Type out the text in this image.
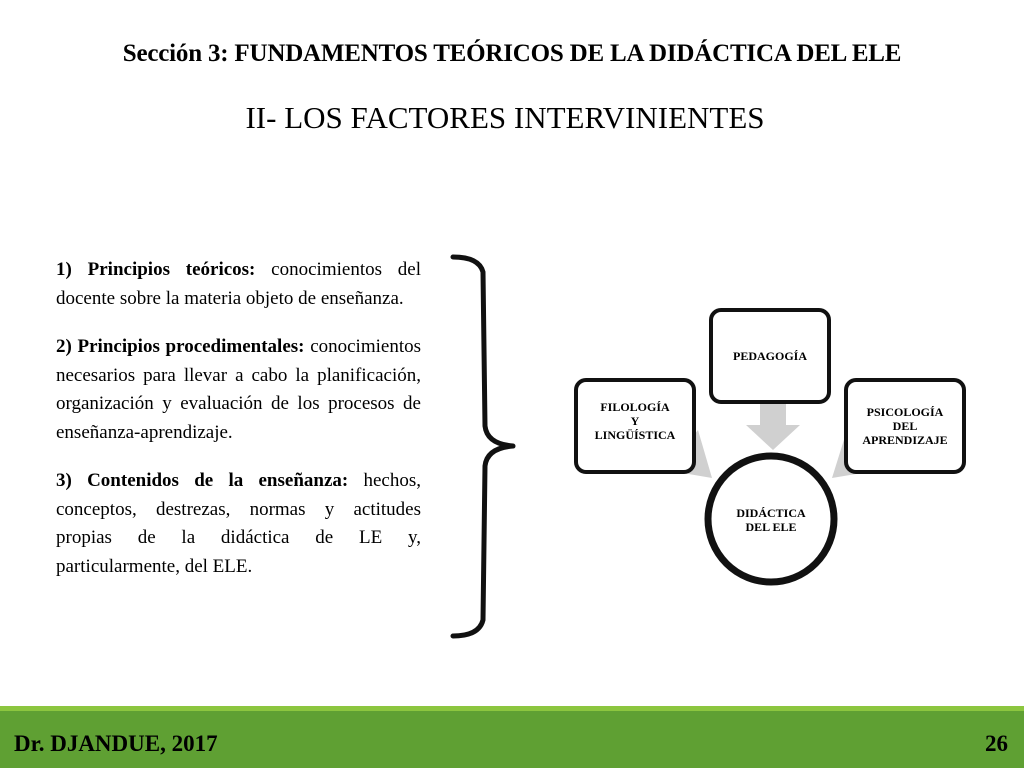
Sección 3: FUNDAMENTOS TEÓRICOS DE LA DIDÁCTICA DEL ELE
II- LOS FACTORES INTERVINIENTES

1) Principios teóricos: conocimientos del docente sobre la materia objeto de enseñanza.

2) Principios procedimentales: conocimientos necesarios para llevar a cabo la planificación, organización y evaluación de los procesos de enseñanza-aprendizaje.

3) Contenidos de la enseñanza: hechos, conceptos, destrezas, normas y actitudes propias de la didáctica de LE y, particularmente, del ELE.

FILOLOGÍA
Y
LINGÜÍSTICA
PEDAGOGÍA
PSICOLOGÍA
DEL
APRENDIZAJE
DIDÁCTICA
DEL ELE
Dr. DJANDUE, 2017	26
